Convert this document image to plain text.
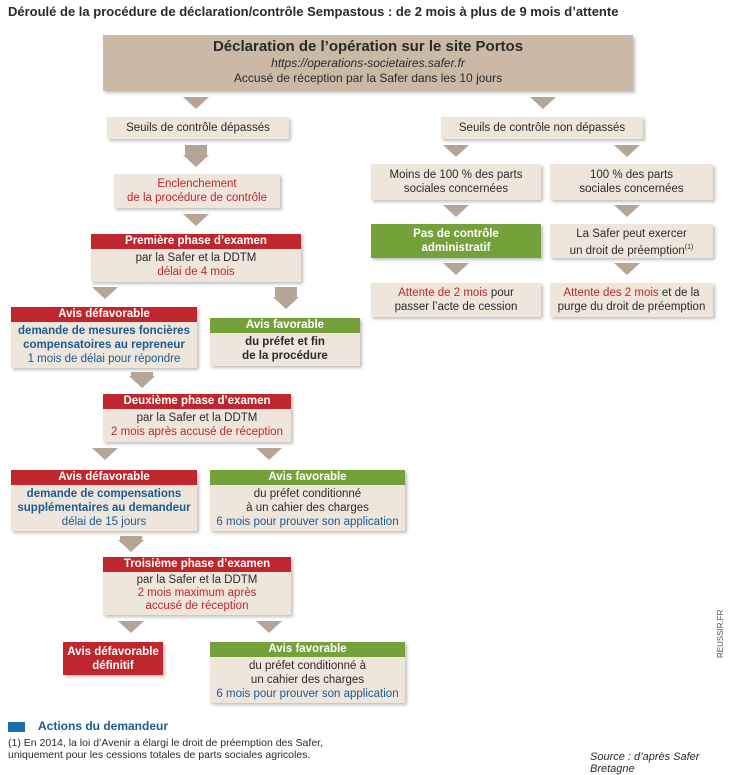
Déroulé de la procédure de déclaration/contrôle Sempastous : de 2 mois à plus de 9 mois d’attente
Déclaration de l’opération sur le site Portos
https://operations-societaires.safer.fr
Accusé de réception par la Safer dans les 10 jours
Seuils de contrôle dépassés
Enclenchement
de la procédure de contrôle
Première phase d’examen
par la Safer et la DDTM
délai de 4 mois
Avis défavorable
demande de mesures foncières
compensatoires au repreneur
1 mois de délai pour répondre
Avis favorable
du préfet et fin
de la procédure
Deuxième phase d’examen
par la Safer et la DDTM
2 mois après accusé de réception
Avis défavorable
demande de compensations
supplémentaires au demandeur
délai de 15 jours
Avis favorable
du préfet conditionné
à un cahier des charges
6 mois pour prouver son application
Troisième phase d’examen
par la Safer et la DDTM
2 mois maximum après
accusé de réception
Avis défavorable
définitif
Avis favorable
du préfet conditionné à
un cahier des charges
6 mois pour prouver son application
Seuils de contrôle non dépassés
Moins de 100 % des parts
sociales concernées
100 % des parts
sociales concernées
Pas de contrôle
administratif
La Safer peut exercer
un droit de préemption$^{(1)}$
Attente de 2 mois pour
passer l’acte de cession
Attente des 2 mois et de la
purge du droit de préemption
Actions du demandeur
(1) En 2014, la loi d’Avenir a élargi le droit de préemption des Safer,
uniquement pour les cessions totales de parts sociales agricoles.	Source : d’après Safer Bretagne
REUSSIR.FR
